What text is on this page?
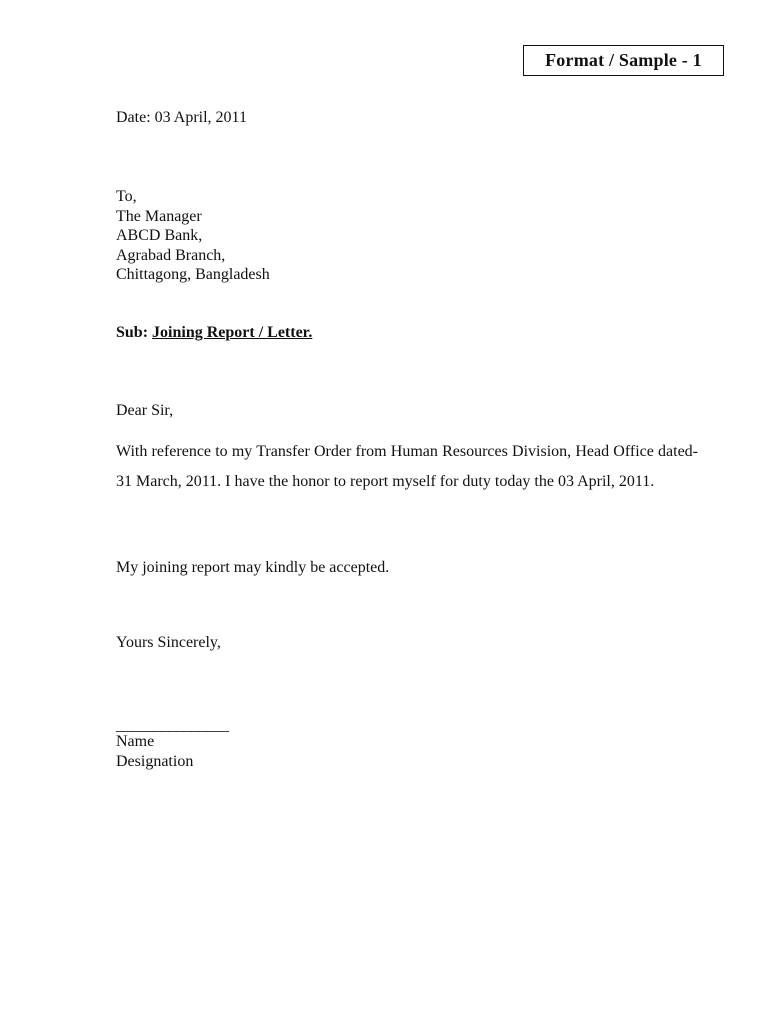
Format / Sample - 1
Date: 03 April, 2011
To,
The Manager
ABCD Bank,
Agrabad Branch,
Chittagong, Bangladesh
Sub: Joining Report / Letter.
Dear Sir,
With reference to my Transfer Order from Human Resources Division, Head Office dated- 31 March, 2011. I have the honor to report myself for duty today the 03 April, 2011.
My joining report may kindly be accepted.
Yours Sincerely,
_______________
Name
Designation
